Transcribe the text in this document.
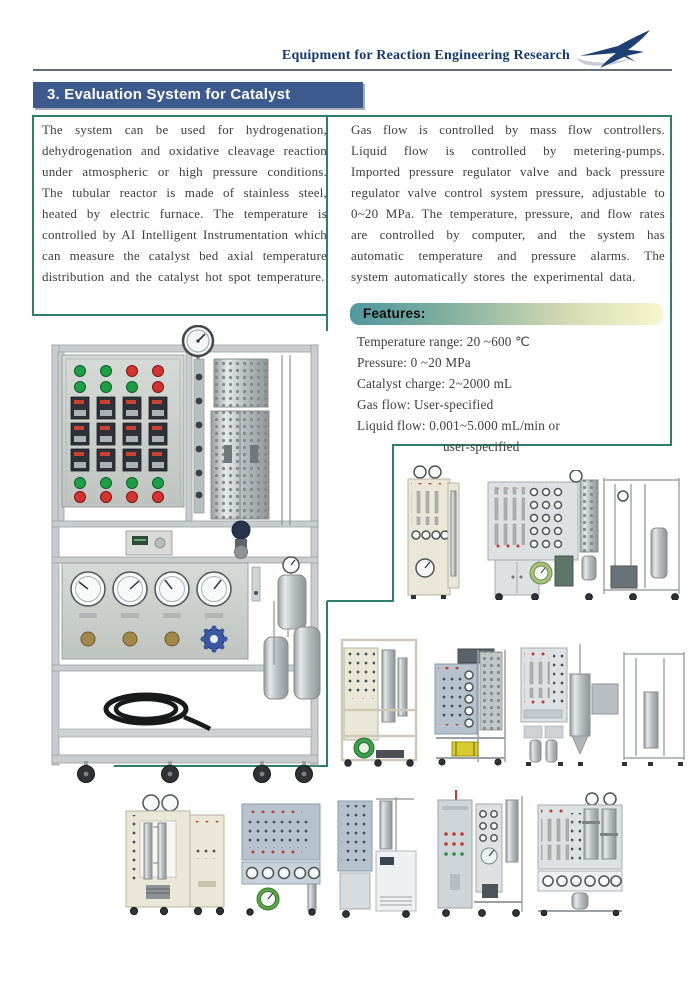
Equipment for Reaction Engineering Research
3. Evaluation System for Catalyst

The system can be used for hydrogenation, dehydrogenation and oxidative cleavage reaction under atmospheric or high pressure conditions. The tubular reactor is made of stainless steel, heated by electric furnace. The temperature is controlled by AI Intelligent Instrumentation which can measure the catalyst bed axial temperature distribution and the catalyst hot spot temperature.

Gas flow is controlled by mass flow controllers. Liquid flow is controlled by metering-pumps. Imported pressure regulator valve and back pressure regulator valve control system pressure, adjustable to 0~20 MPa. The temperature, pressure, and flow rates are controlled by computer, and the system has automatic temperature and pressure alarms. The system automatically stores the experimental data.

Features:
Temperature range: 20 ~600 ℃
Pressure: 0 ~20 MPa
Catalyst charge: 2~2000 mL
Gas flow: User-specified
Liquid flow: 0.001~5.000 mL/min or
user-specified
